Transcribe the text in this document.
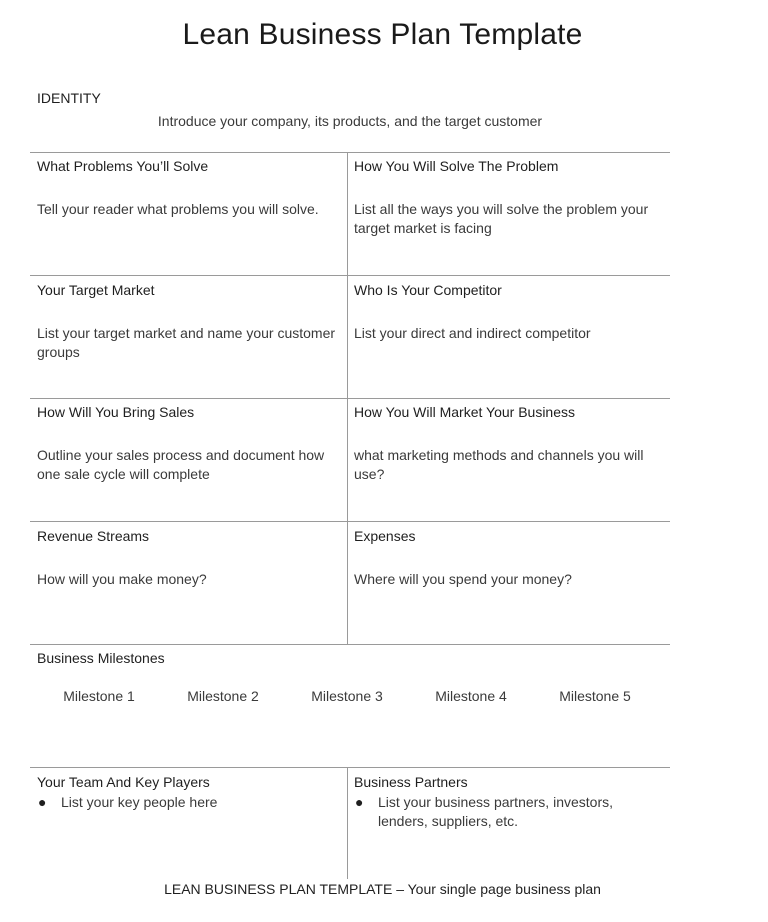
Lean Business Plan Template
IDENTITY
Introduce your company, its products, and the target customer
What Problems You’ll Solve
Tell your reader what problems you will solve.
How You Will Solve The Problem
List all the ways you will solve the problem your target market is facing
Your Target Market
List your target market and name your customer groups
Who Is Your Competitor
List your direct and indirect competitor
How Will You Bring Sales
Outline your sales process and document how one sale cycle will complete
How You Will Market Your Business
what marketing methods and channels you will use?
Revenue Streams
How will you make money?
Expenses
Where will you spend your money?
Business Milestones
Milestone 1	Milestone 2	Milestone 3	Milestone 4	Milestone 5
Your Team And Key Players
●	List your key people here
Business Partners
●	List your business partners, investors, lenders, suppliers, etc.
LEAN BUSINESS PLAN TEMPLATE – Your single page business plan
